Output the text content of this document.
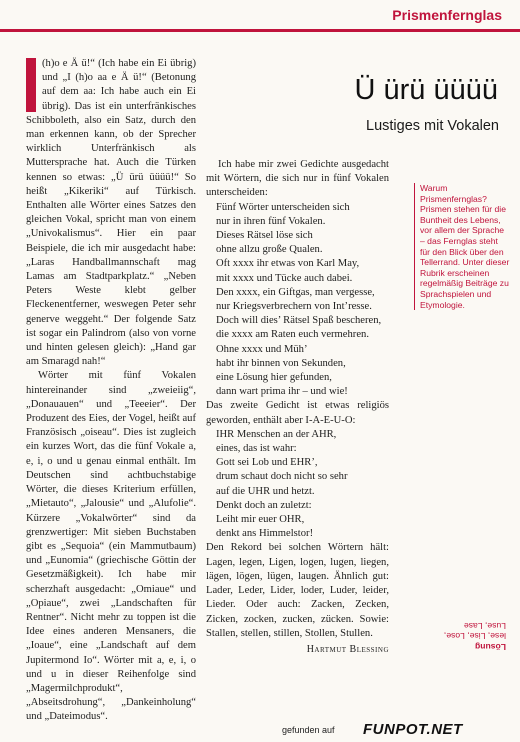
Prismenfernglas
Ü ürü üüüü
Lustiges mit Vokalen
I	(h)o e Ä ü!“ (Ich habe ein Ei übrig) und „I (h)o aa e Ä ü!“ (Betonung auf dem aa: Ich habe auch ein Ei übrig). Das ist ein unterfränkisches Schibboleth, also ein Satz, durch den man erkennen kann, ob der Sprecher wirklich Unterfränkisch als Muttersprache hat. Auch die Türken kennen so etwas: „Ü ürü üüüü!“ So heißt „Kikeriki“ auf Türkisch. Enthalten alle Wörter eines Satzes den gleichen Vokal, spricht man von einem „Univokalismus“. Hier ein paar Beispiele, die ich mir ausgedacht habe: „Laras Handballmannschaft mag Lamas am Stadtparkplatz.“ „Neben Peters Weste klebt gelber Fleckenentferner, weswegen Peter sehr generve weggeht.“ Der folgende Satz ist sogar ein Palindrom (also von vorne und hinten gelesen gleich): „Hand gar am Smaragd nah!“

Wörter mit fünf Vokalen hintereinander sind „zweieiig“, „Donauauen“ und „Teeeier“. Der Produzent des Eies, der Vogel, heißt auf Französisch „oiseau“. Dies ist zugleich ein kurzes Wort, das die fünf Vokale a, e, i, o und u genau einmal enthält. Im Deutschen sind achtbuchstabige Wörter, die dieses Kriterium erfüllen, „Mietauto“, „Jalousie“ und „Alufolie“. Kürzere „Vokalwörter“ sind da grenzwertiger: Mit sieben Buchstaben gibt es „Sequoia“ (ein Mammutbaum) und „Eunomia“ (griechische Göttin der Gesetzmäßigkeit). Ich habe mir scherzhaft ausgedacht: „Omiaue“ und „Opiaue“, zwei „Landschaften für Rentner“. Nicht mehr zu toppen ist die Idee eines anderen Mensaners, die „Ioaue“, eine „Landschaft auf dem Jupitermond Io“. Wörter mit a, e, i, o und u in dieser Reihenfolge sind „Magermilchprodukt“, „Abseitsdrohung“, „Dankeinholung“ und „Dateimodus“.

Ich habe mir zwei Gedichte ausgedacht mit Wörtern, die sich nur in fünf Vokalen unterscheiden:

Fünf Wörter unterscheiden sich
nur in ihren fünf Vokalen.
Dieses Rätsel löse sich
ohne allzu große Qualen.
Oft xxxx ihr etwas von Karl May,
mit xxxx und Tücke auch dabei.
Den xxxx, ein Giftgas, man vergesse,
nur Kriegsverbrechern von Int’resse.
Doch will dies’ Rätsel Spaß bescheren,
die xxxx am Raten euch vermehren.
Ohne xxxx und Müh’
habt ihr binnen von Sekunden,
eine Lösung hier gefunden,
dann wart prima ihr – und wie!

Das zweite Gedicht ist etwas religiös geworden, enthält aber I-A-E-U-O:

IHR Menschen an der AHR,
eines, das ist wahr:
Gott sei Lob und EHR’,
drum schaut doch nicht so sehr
auf die UHR und hetzt.
Denkt doch an zuletzt:
Leiht mir euer OHR,
denkt ans Himmelstor!

Den Rekord bei solchen Wörtern hält: Lagen, legen, Ligen, logen, lugen, liegen, lägen, lögen, lügen, laugen. Ähnlich gut: Lader, Leder, Lider, loder, Luder, leider, Lieder. Oder auch: Zacken, Zecken, Zicken, zocken, zucken, zücken. Sowie: Stallen, stellen, stillen, Stollen, Stullen.

Hartmut Blessing

Warum Prismenfernglas? Prismen stehen für die Buntheit des Lebens, vor allem der Sprache – das Fernglas steht für den Blick über den Tellerrand. Unter dieser Rubrik erscheinen regelmäßig Beiträge zu Sprachspielen und Etymologie.

Lösung
lese, Lise, Lose,
Luse, Lase
gefunden auf FUNPOT.NET
